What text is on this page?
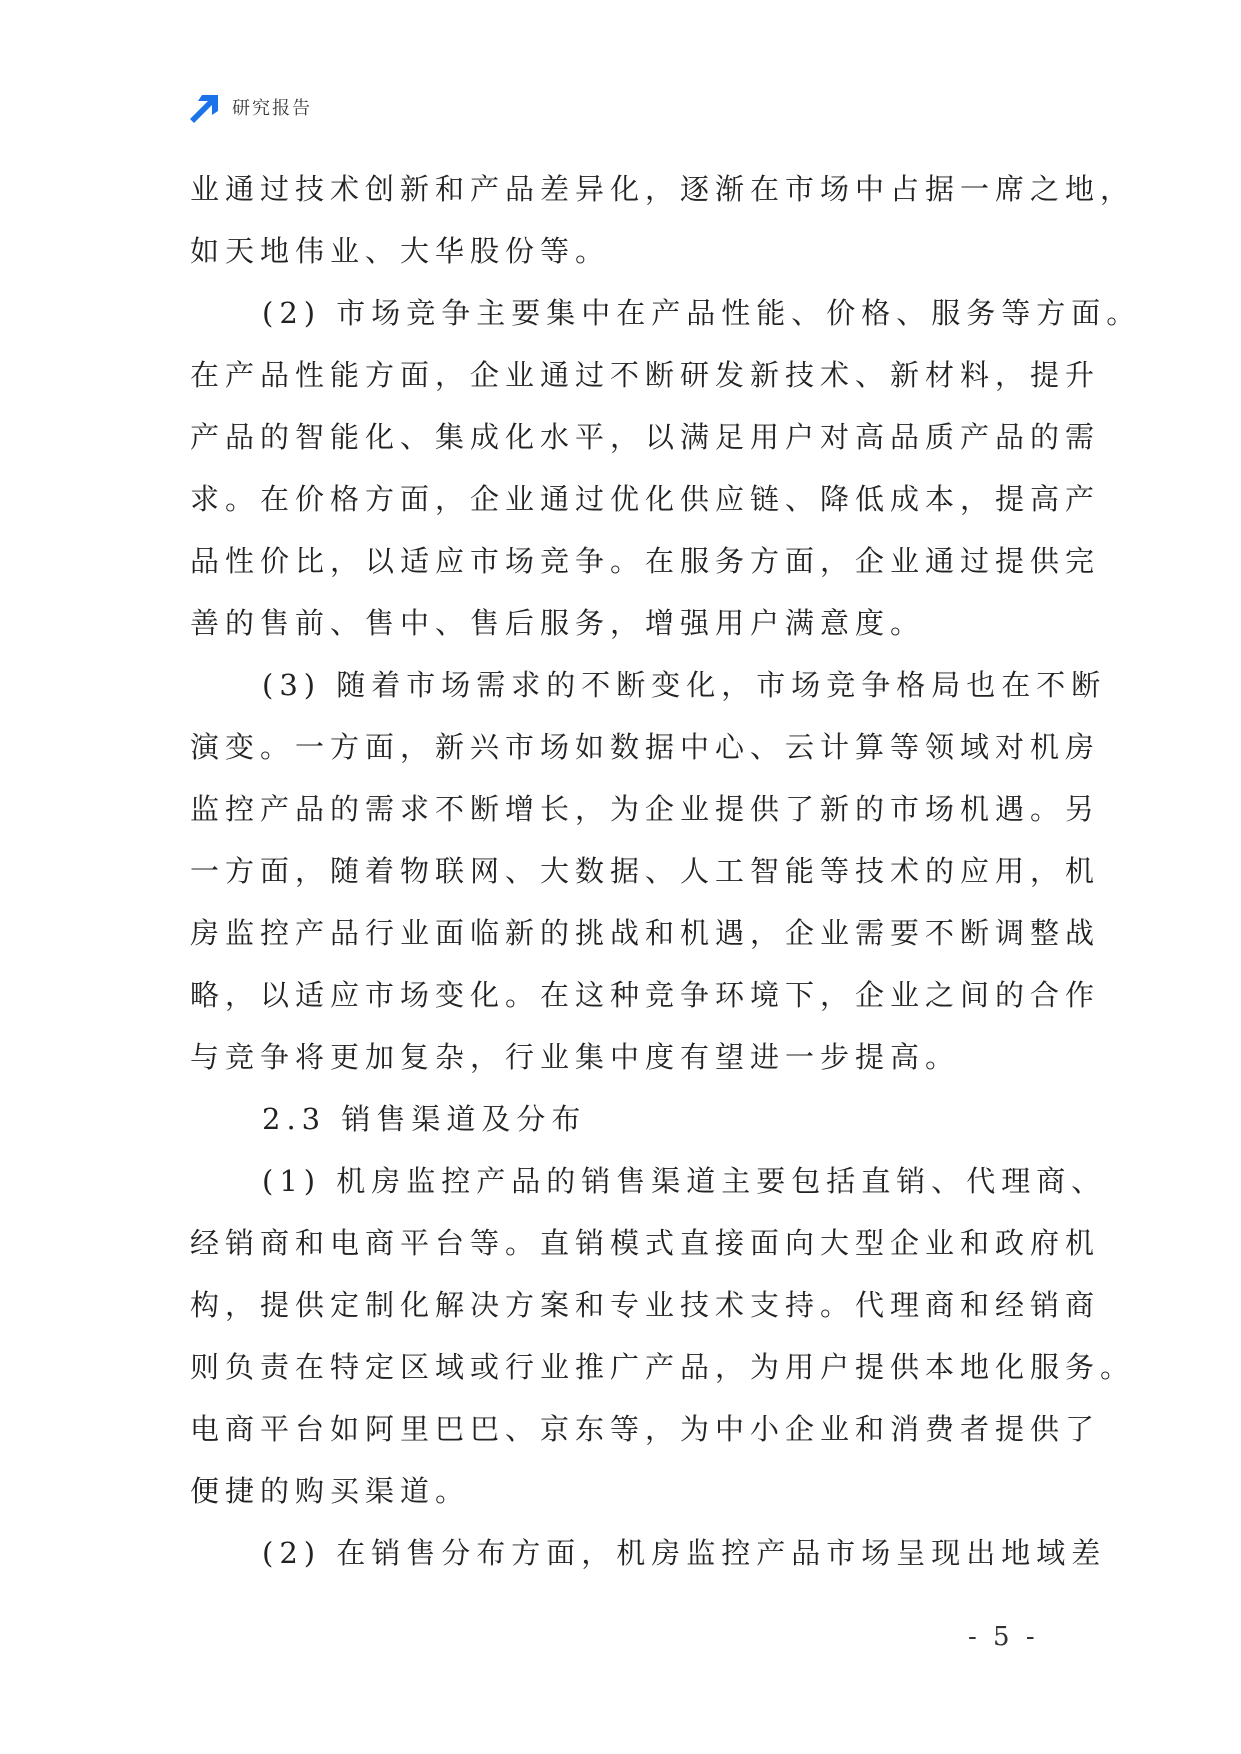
研究报告
业通过技术创新和产品差异化，逐渐在市场中占据一席之地，
如天地伟业、大华股份等。
(2) 市场竞争主要集中在产品性能、价格、服务等方面。
在产品性能方面，企业通过不断研发新技术、新材料，提升
产品的智能化、集成化水平，以满足用户对高品质产品的需
求。在价格方面，企业通过优化供应链、降低成本，提高产
品性价比，以适应市场竞争。在服务方面，企业通过提供完
善的售前、售中、售后服务，增强用户满意度。
(3) 随着市场需求的不断变化，市场竞争格局也在不断
演变。一方面，新兴市场如数据中心、云计算等领域对机房
监控产品的需求不断增长，为企业提供了新的市场机遇。另
一方面，随着物联网、大数据、人工智能等技术的应用，机
房监控产品行业面临新的挑战和机遇，企业需要不断调整战
略，以适应市场变化。在这种竞争环境下，企业之间的合作
与竞争将更加复杂，行业集中度有望进一步提高。
2.3 销售渠道及分布
(1) 机房监控产品的销售渠道主要包括直销、代理商、
经销商和电商平台等。直销模式直接面向大型企业和政府机
构，提供定制化解决方案和专业技术支持。代理商和经销商
则负责在特定区域或行业推广产品，为用户提供本地化服务。
电商平台如阿里巴巴、京东等，为中小企业和消费者提供了
便捷的购买渠道。
(2) 在销售分布方面，机房监控产品市场呈现出地域差
- 5 -
